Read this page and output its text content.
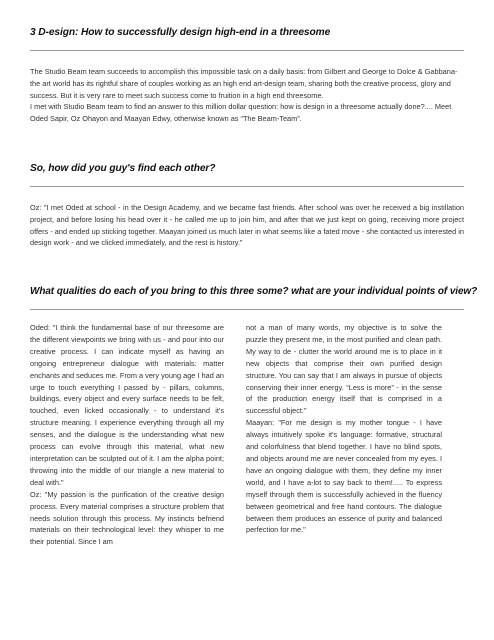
3 D-esign: How to successfully design high-end in a threesome

The Studio Beam team succeeds to accomplish this impossible task on a daily basis: from Gilbert and George to Dolce & Gabbana- the art world has its rightful share of couples working as an high end art-design team, sharing both the creative process, glory and success. But it is very rare to meet such success come to fruition in a high end threesome.

I met with Studio Beam team to find an answer to this million dollar question: how is design in a threesome actually done?.... Meet Oded Sapir, Oz Ohayon and Maayan Edwy, otherwise known as “The Beam-Team”.

So, how did you guy's find each other?

Oz: "I met Oded at school - in the Design Academy, and we became fast friends. After school was over he received a big instillation project, and before losing his head over it - he called me up to join him, and after that we just kept on going, receiving more project offers - and ended up sticking together. Maayan joined us much later in what seems like a fated move - she contacted us interested in design work - and we clicked immediately, and the rest is history."

What qualities do each of you bring to this three some? what are your individual points of view?

Oded: "I think the fundamental base of our threesome are the different viewpoints we bring with us - and pour into our creative process. I can indicate myself as having an ongoing entrepreneur dialogue with materials: matter enchants and seduces me. From a very young age I had an urge to touch everything I passed by - pillars, columns, buildings, every object and every surface needs to be felt, touched, even licked occasionally - to understand it's structure meaning. I experience everything through all my senses, and the dialogue is the understanding what new process can evolve through this material, what new interpretation can be sculpted out of it. I am the alpha point; throwing into the middle of our triangle a new material to deal with."

Oz: "My passion is the purification of the creative design process. Every material comprises a structure problem that needs solution through this process. My instincts befriend materials on their technological level: they whisper to me their potential. Since I am

not a man of many words, my objective is to solve the puzzle they present me, in the most purified and clean path. My way to de - clutter the world around me is to place in it new objects that comprise their own purified design structure. You can say that I am always in pursue of objects conserving their inner energy. “Less is more” - in the sense of the production energy itself that is comprised in a successful object."

Maayan: "For me design is my mother tongue - I have always intuitively spoke it's language: formative, structural and colorfulness that blend together. I have no blind spots, and objects around me are never concealed from my eyes. I have an ongoing dialogue with them, they define my inner world, and I have a-lot to say back to them!..... To express myself through them is successfully achieved in the fluency between geometrical and free hand contours. The dialogue between them produces an essence of purity and balanced perfection for me."
